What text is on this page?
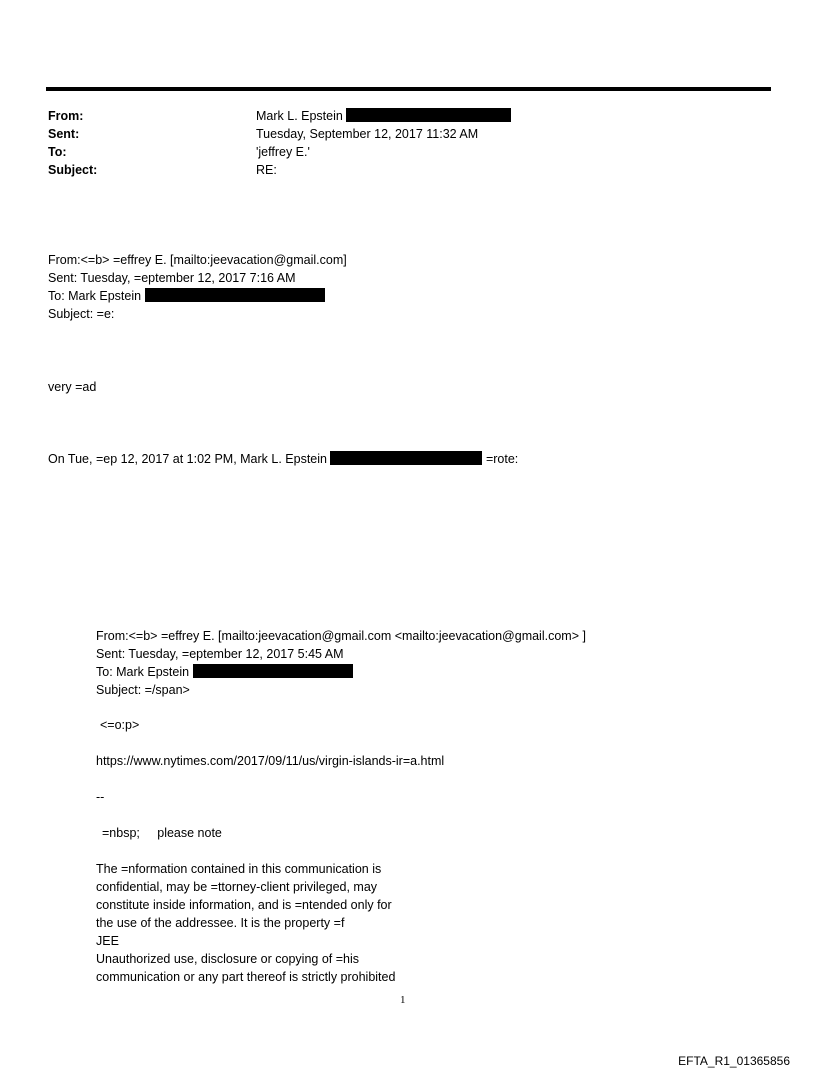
From:	Mark L. Epstein
Sent:	Tuesday, September 12, 2017 11:32 AM
To:	'jeffrey E.'
Subject:	RE:
From:<=b> =effrey E. [mailto:jeevacation@gmail.com]
Sent: Tuesday, =eptember 12, 2017 7:16 AM
To: Mark Epstein
Subject: =e:
very =ad
On Tue, =ep 12, 2017 at 1:02 PM, Mark L. Epstein	=rote:
From:<=b> =effrey E. [mailto:jeevacation@gmail.com <mailto:jeevacation@gmail.com> ]
Sent: Tuesday, =eptember 12, 2017 5:45 AM
To: Mark Epstein
Subject: =/span>
<=o:p>
https://www.nytimes.com/2017/09/11/us/virgin-islands-ir=a.html
--
=nbsp;     please note
The =nformation contained in this communication is
confidential, may be =ttorney-client privileged, may
constitute inside information, and is =ntended only for
the use of the addressee. It is the property =f
JEE
Unauthorized use, disclosure or copying of =his
communication or any part thereof is strictly prohibited
1
EFTA_R1_01365856
